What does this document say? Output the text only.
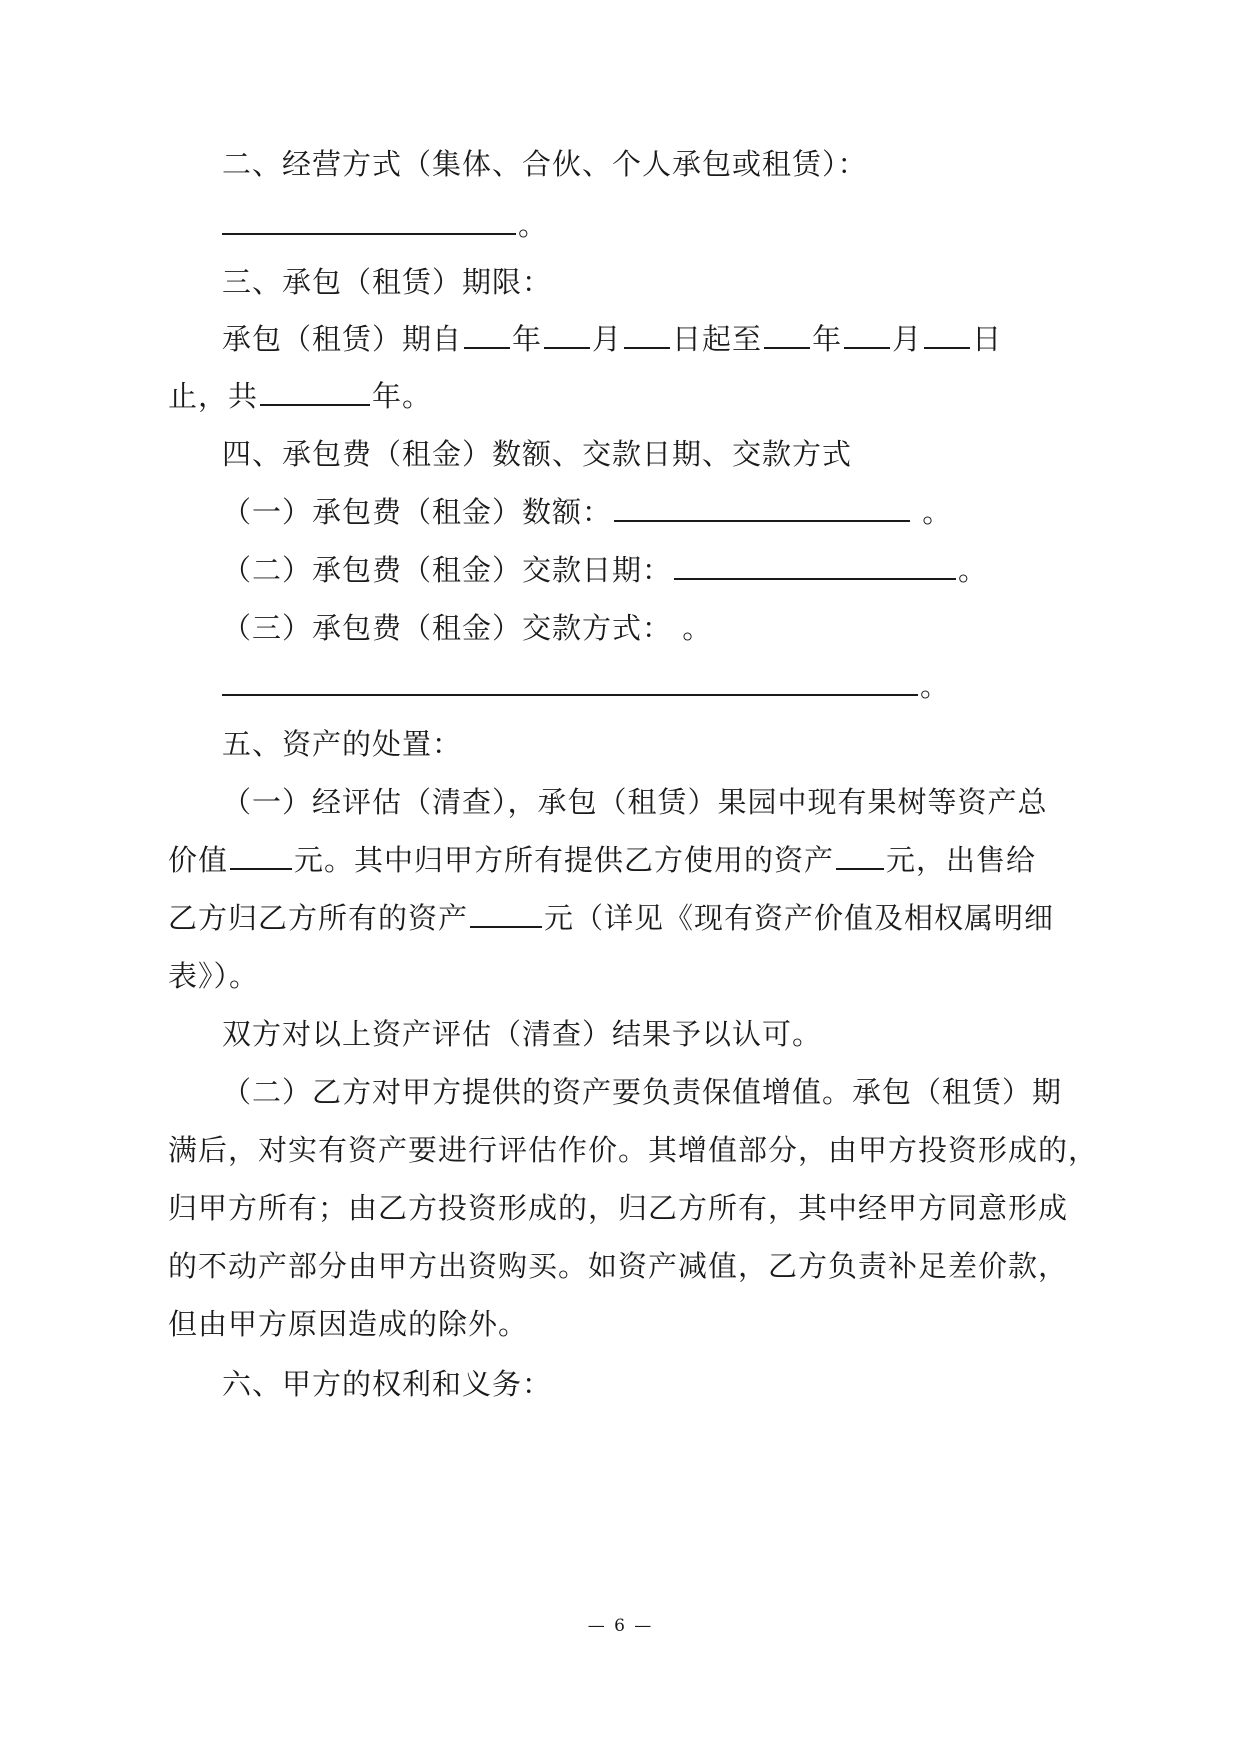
二、经营方式（集体、合伙、个人承包或租赁）：
。
三、承包（租赁）期限：
承包（租赁）期自 年 月 日起至 年 月 日
止，共	年。
四、承包费（租金）数额、交款日期、交款方式
（一）承包费（租金）数额：	。
（二）承包费（租金）交款日期：	。
（三）承包费（租金）交款方式： 。
。
五、资产的处置：
（一）经评估（清查），承包（租赁）果园中现有果树等资产总
价值 元。其中归甲方所有提供乙方使用的资产 元，出售给
乙方归乙方所有的资产	元（详见《现有资产价值及相权属明细
表》）。
双方对以上资产评估（清查）结果予以认可。
（二）乙方对甲方提供的资产要负责保值增值。承包（租赁）期
满后，对实有资产要进行评估作价。其增值部分，由甲方投资形成的，
归甲方所有；由乙方投资形成的，归乙方所有，其中经甲方同意形成
的不动产部分由甲方出资购买。如资产减值，乙方负责补足差价款，
但由甲方原因造成的除外。
六、甲方的权利和义务：
— 6 —
